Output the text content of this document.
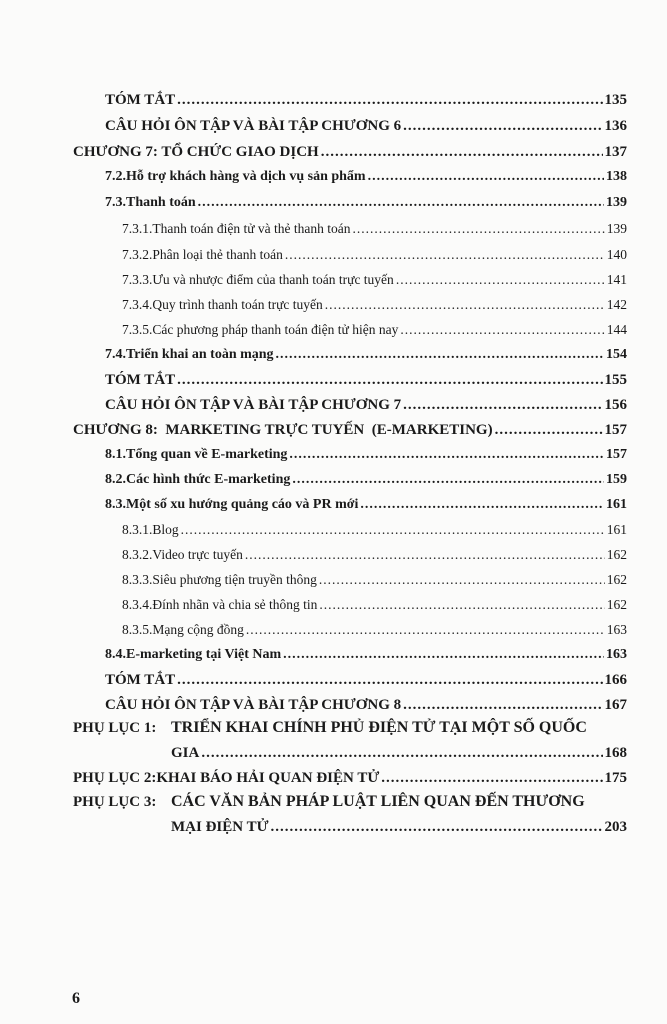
TÓM TẮT .....	135
CÂU HỎI ÔN TẬP VÀ BÀI TẬP CHƯƠNG 6 .....	136
CHƯƠNG 7: TỔ CHỨC GIAO DỊCH .....	137
7.2. Hỗ trợ khách hàng và dịch vụ sản phẩm .....	138
7.3. Thanh toán .....	139
7.3.1. Thanh toán điện tử và thẻ thanh toán .....	139
7.3.2. Phân loại thẻ thanh toán .....	140
7.3.3. Ưu và nhược điểm của thanh toán trực tuyến .....	141
7.3.4. Quy trình thanh toán trực tuyến .....	142
7.3.5. Các phương pháp thanh toán điện tử hiện nay .....	144
7.4. Triển khai an toàn mạng .....	154
TÓM TẮT .....	155
CÂU HỎI ÔN TẬP VÀ BÀI TẬP CHƯƠNG 7 .....	156
CHƯƠNG 8:  MARKETING TRỰC TUYẾN  (E-MARKETING) .....	157
8.1. Tổng quan về E-marketing .....	157
8.2. Các hình thức E-marketing .....	159
8.3. Một số xu hướng quảng cáo và PR mới .....	161
8.3.1. Blog .....	161
8.3.2. Video trực tuyến .....	162
8.3.3. Siêu phương tiện truyền thông .....	162
8.3.4. Đính nhãn và chia sẻ thông tin .....	162
8.3.5. Mạng cộng đồng .....	163
8.4. E-marketing tại Việt Nam .....	163
TÓM TẮT .....	166
CÂU HỎI ÔN TẬP VÀ BÀI TẬP CHƯƠNG 8 .....	167
PHỤ LỤC 1: TRIỂN KHAI CHÍNH PHỦ ĐIỆN TỬ TẠI MỘT SỐ QUỐC
GIA .....	168
PHỤ LỤC 2: KHAI BÁO HẢI QUAN ĐIỆN TỬ .....	175
PHỤ LỤC 3: CÁC VĂN BẢN PHÁP LUẬT LIÊN QUAN ĐẾN THƯƠNG
MẠI ĐIỆN TỬ .....	203
6
